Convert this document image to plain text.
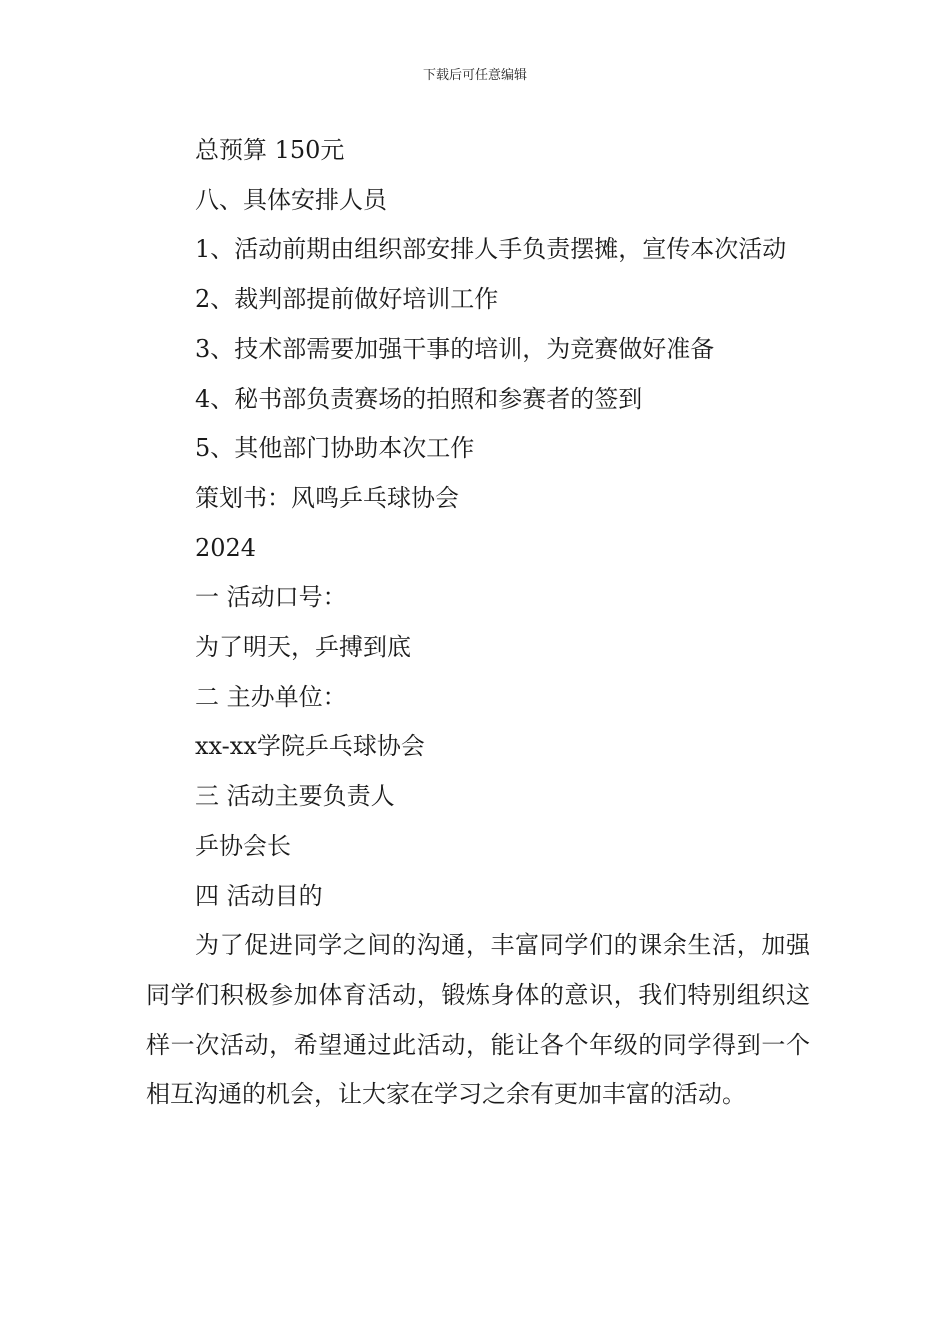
下载后可任意编辑

总预算 150元

八、具体安排人员

1、活动前期由组织部安排人手负责摆摊，宣传本次活动

2、裁判部提前做好培训工作

3、技术部需要加强干事的培训，为竞赛做好准备

4、秘书部负责赛场的拍照和参赛者的签到

5、其他部门协助本次工作

策划书：风鸣乒乓球协会

2024

一 活动口号：

为了明天，乒搏到底

二 主办单位：

xx-xx学院乒乓球协会

三 活动主要负责人

乒协会长

四 活动目的

为了促进同学之间的沟通，丰富同学们的课余生活，加强同学们积极参加体育活动，锻炼身体的意识，我们特别组织这样一次活动，希望通过此活动，能让各个年级的同学得到一个相互沟通的机会，让大家在学习之余有更加丰富的活动。
